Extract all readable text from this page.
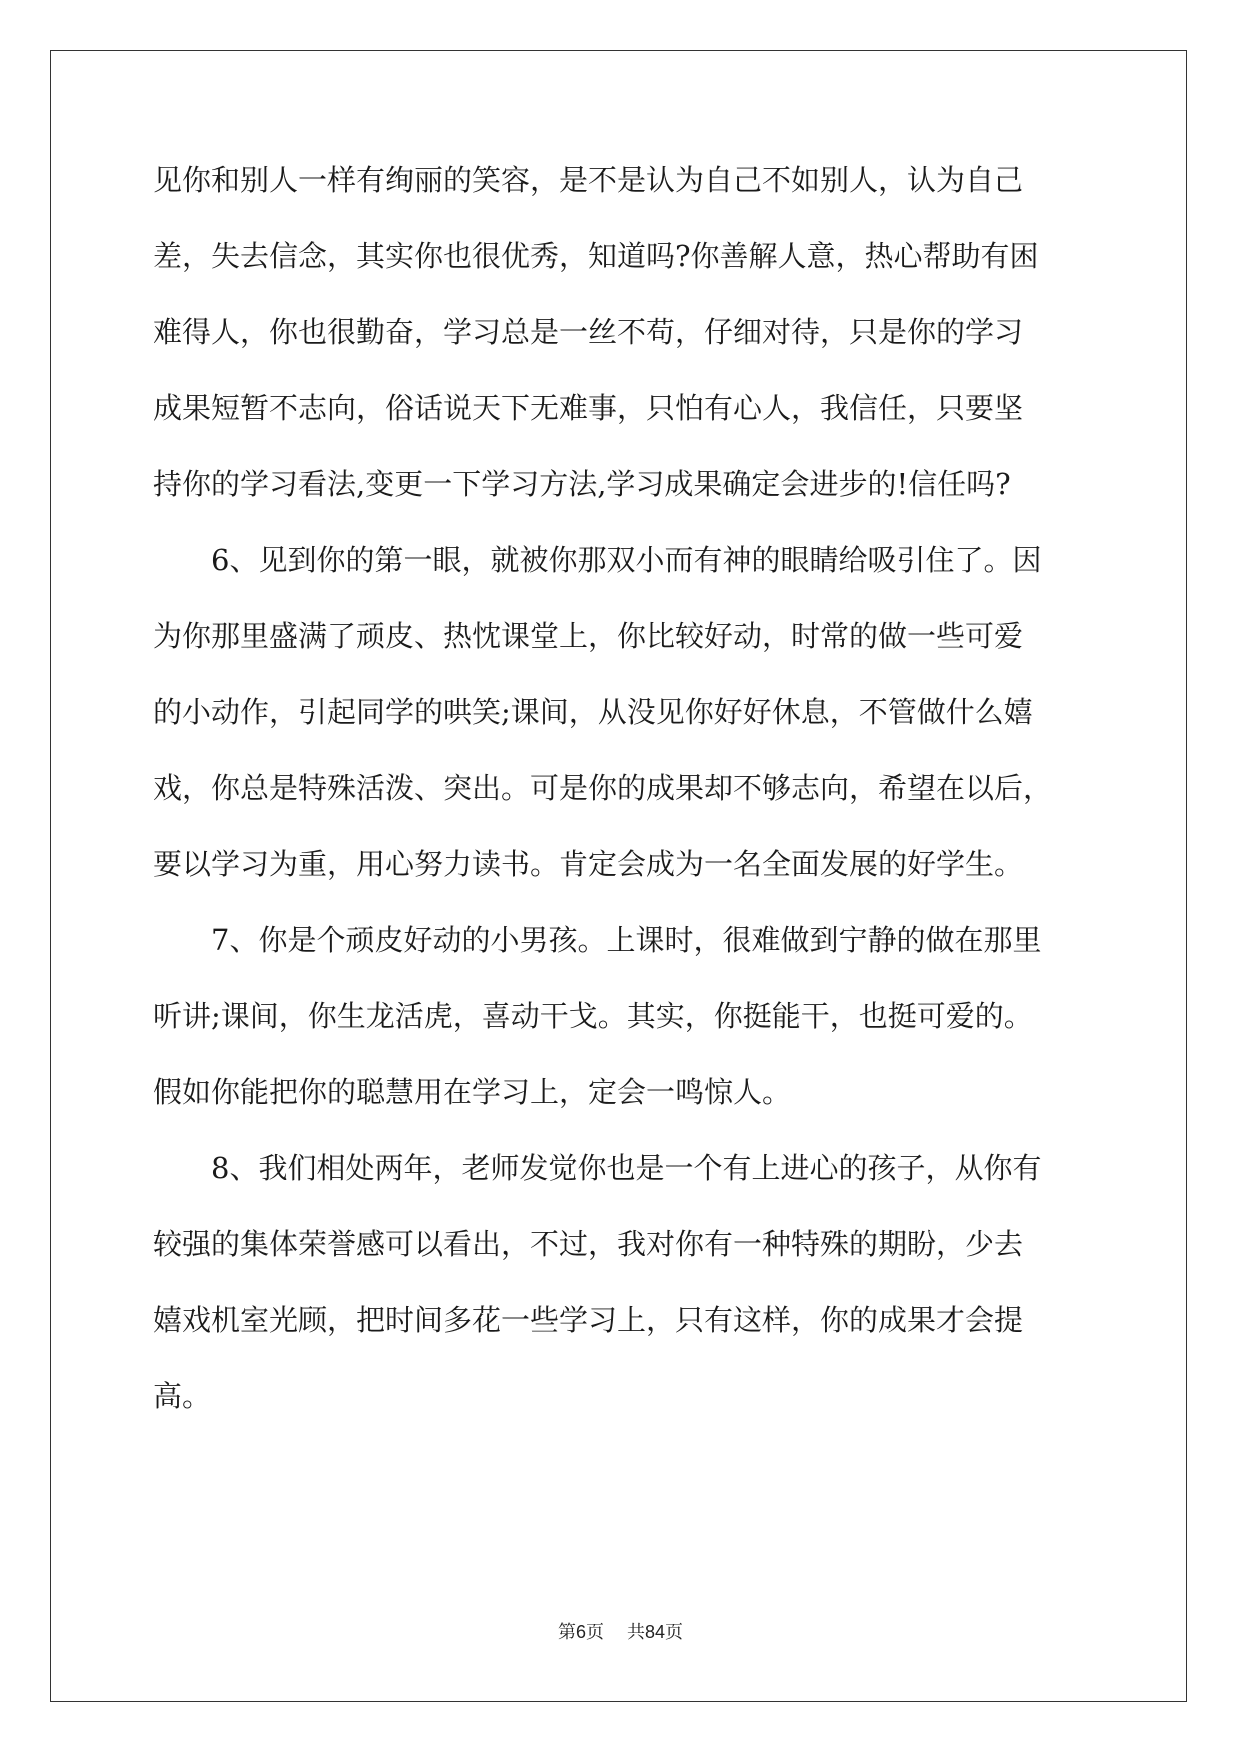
见你和别人一样有绚丽的笑容，是不是认为自己不如别人，认为自己
差，失去信念，其实你也很优秀，知道吗?你善解人意，热心帮助有困
难得人，你也很勤奋，学习总是一丝不苟，仔细对待，只是你的学习
成果短暂不志向，俗话说天下无难事，只怕有心人，我信任，只要坚
持你的学习看法,变更一下学习方法,学习成果确定会进步的!信任吗?
6、见到你的第一眼，就被你那双小而有神的眼睛给吸引住了。因
为你那里盛满了顽皮、热忱课堂上，你比较好动，时常的做一些可爱
的小动作，引起同学的哄笑;课间，从没见你好好休息，不管做什么嬉
戏，你总是特殊活泼、突出。可是你的成果却不够志向，希望在以后，
要以学习为重，用心努力读书。肯定会成为一名全面发展的好学生。
7、你是个顽皮好动的小男孩。上课时，很难做到宁静的做在那里
听讲;课间，你生龙活虎，喜动干戈。其实，你挺能干，也挺可爱的。
假如你能把你的聪慧用在学习上，定会一鸣惊人。
8、我们相处两年，老师发觉你也是一个有上进心的孩子，从你有
较强的集体荣誉感可以看出，不过，我对你有一种特殊的期盼，少去
嬉戏机室光顾，把时间多花一些学习上，只有这样，你的成果才会提
高。
第6页 共84页
